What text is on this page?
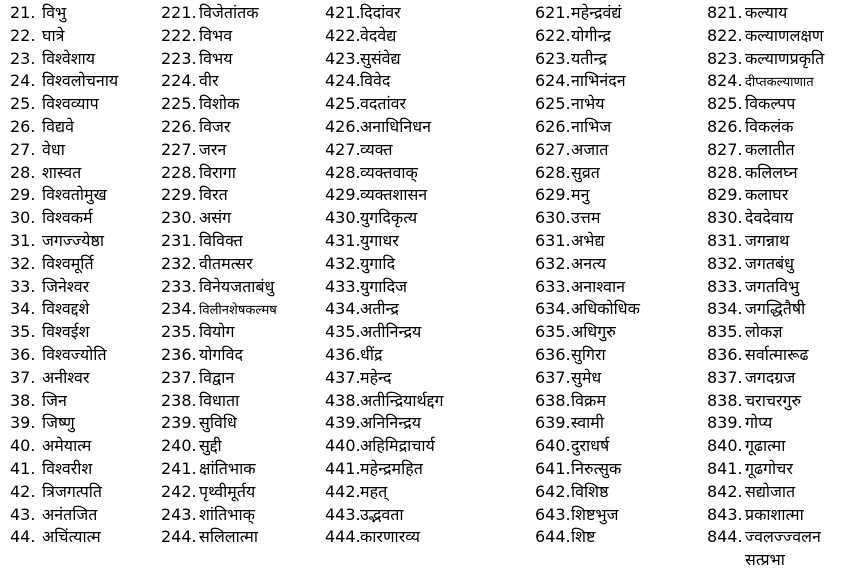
21. विभु
22. घात्रे
23. विश्वेशाय
24. विश्वलोचनाय
25. विश्वव्याप
26. विद्यवे
27. वेधा
28. शास्वत
29. विश्वतोमुख
30. विश्वकर्म
31. जगज्ज्येष्ठा
32. विश्वमूर्ति
33. जिनेश्वर
34. विश्वद्दशे
35. विश्वईश
36. विश्वज्योति
37. अनीश्वर
38. जिन
39. जिष्णु
40. अमेयात्म
41. विश्वरीश
42. त्रिजगत्पति
43. अनंतजित
44. अचिंत्यात्म
221. विजेतांतक
222. विभव
223. विभय
224. वीर
225. विशोक
226. विजर
227. जरन
228. विरागा
229. विरत
230. असंग
231. विविक्त
232. वीतमत्सर
233. विनेयजताबंधु
234. विलीनशेषकल्मष
235. वियोग
236. योगविद
237. विद्वान
238. विधाता
239. सुविधि
240. सुद्दी
241. क्षांतिभाक
242. पृथ्वीमूर्तय
243. शांतिभाक्
244. सलिलात्मा
421.दिदांवर
422.वेदवेद्य
423.सुसंवेद्य
424.विवेद
425.वदतांवर
426.अनाधिनिधन
427.व्यक्त
428.व्यक्तवाक्
429.व्यक्तशासन
430.युगदिकृत्य
431.युगाधर
432.युगादि
433.युगादिज
434.अतीन्द्र
435.अतीनिन्द्रय
436.धींद्र
437.महेन्द
438.अतीन्द्रियार्थद्दग
439.अनिनिन्द्रय
440.अहिमिद्राचार्य
441.महेन्द्रमहित
442.महत्
443.उद्भवता
444.कारणारव्य
621.महेन्द्रवंद्यं
622.योगीन्द्र
623.यतीन्द्र
624.नाभिनंदन
625.नाभेय
626.नाभिज
627.अजात
628.सुव्रत
629.मनु
630.उत्तम
631.अभेद्य
632.अनत्य
633.अनाश्वान
634.अधिकोधिक
635.अधिगुरु
636.सुगिरा
637.सुमेध
638.विक्रम
639.स्वामी
640.दुराधर्ष
641.निरुत्सुक
642.विशिष्ठ
643.शिष्टभुज
644.शिष्ट
821. कल्याय
822. कल्याणलक्षण
823. कल्याणप्रकृति
824. दीप्तकल्याणात
825. विकल्पप
826. विकलंक
827. कलातीत
828. कलिलघ्न
829. कलाघर
830. देवदेवाय
831. जगन्नाथ
832. जगतबंधु
833. जगतविभु
834. जगद्धितैषी
835. लोकज्ञ
836. सर्वात्मारूढ
837. जगदग्रज
838. चराचरगुरु
839. गोप्य
840. गूढात्मा
841. गूढगोचर
842. सद्योजात
843. प्रकाशात्मा
844. ज्वलज्ज्वलन सत्प्रभा
